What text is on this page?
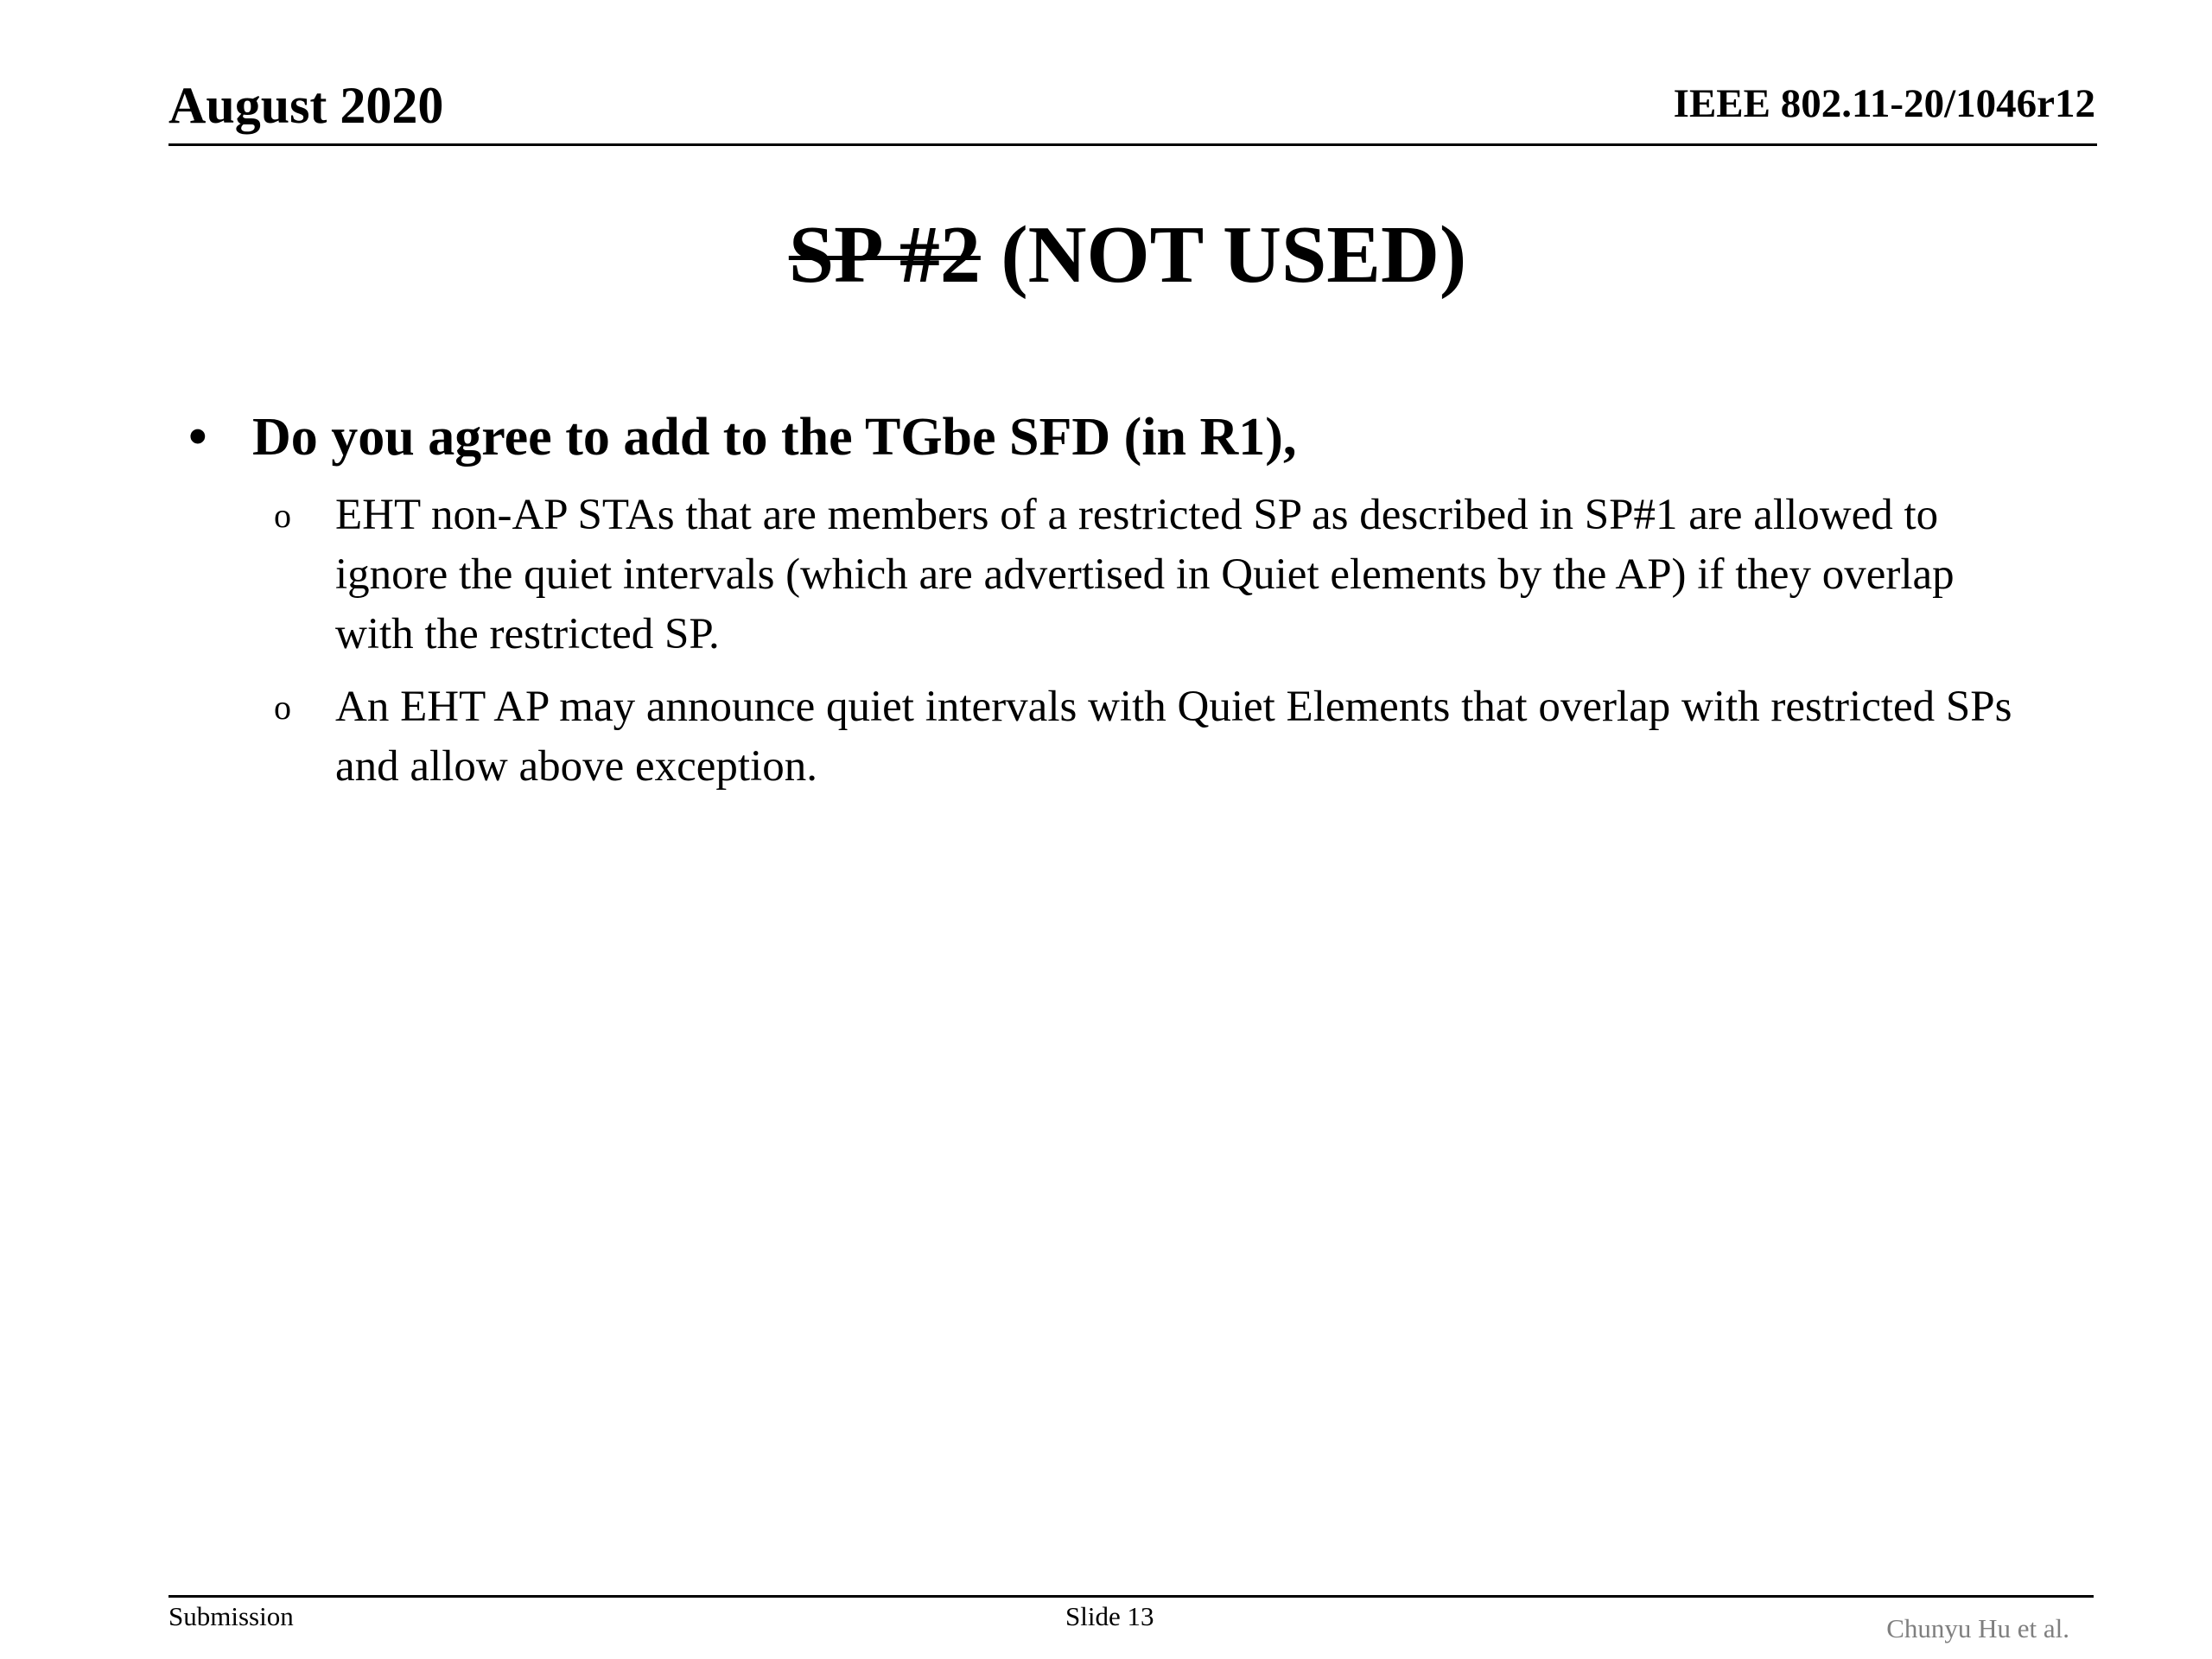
August 2020	IEEE 802.11-20/1046r12
SP #2 (NOT USED)
• Do you agree to add to the TGbe SFD (in R1),
o EHT non-AP STAs that are members of a restricted SP as described in SP#1 are allowed to ignore the quiet intervals (which are advertised in Quiet elements by the AP) if they overlap with the restricted SP.
o An EHT AP may announce quiet intervals with Quiet Elements that overlap with restricted SPs and allow above exception.
Submission	Slide 13	Chunyu Hu et al.
